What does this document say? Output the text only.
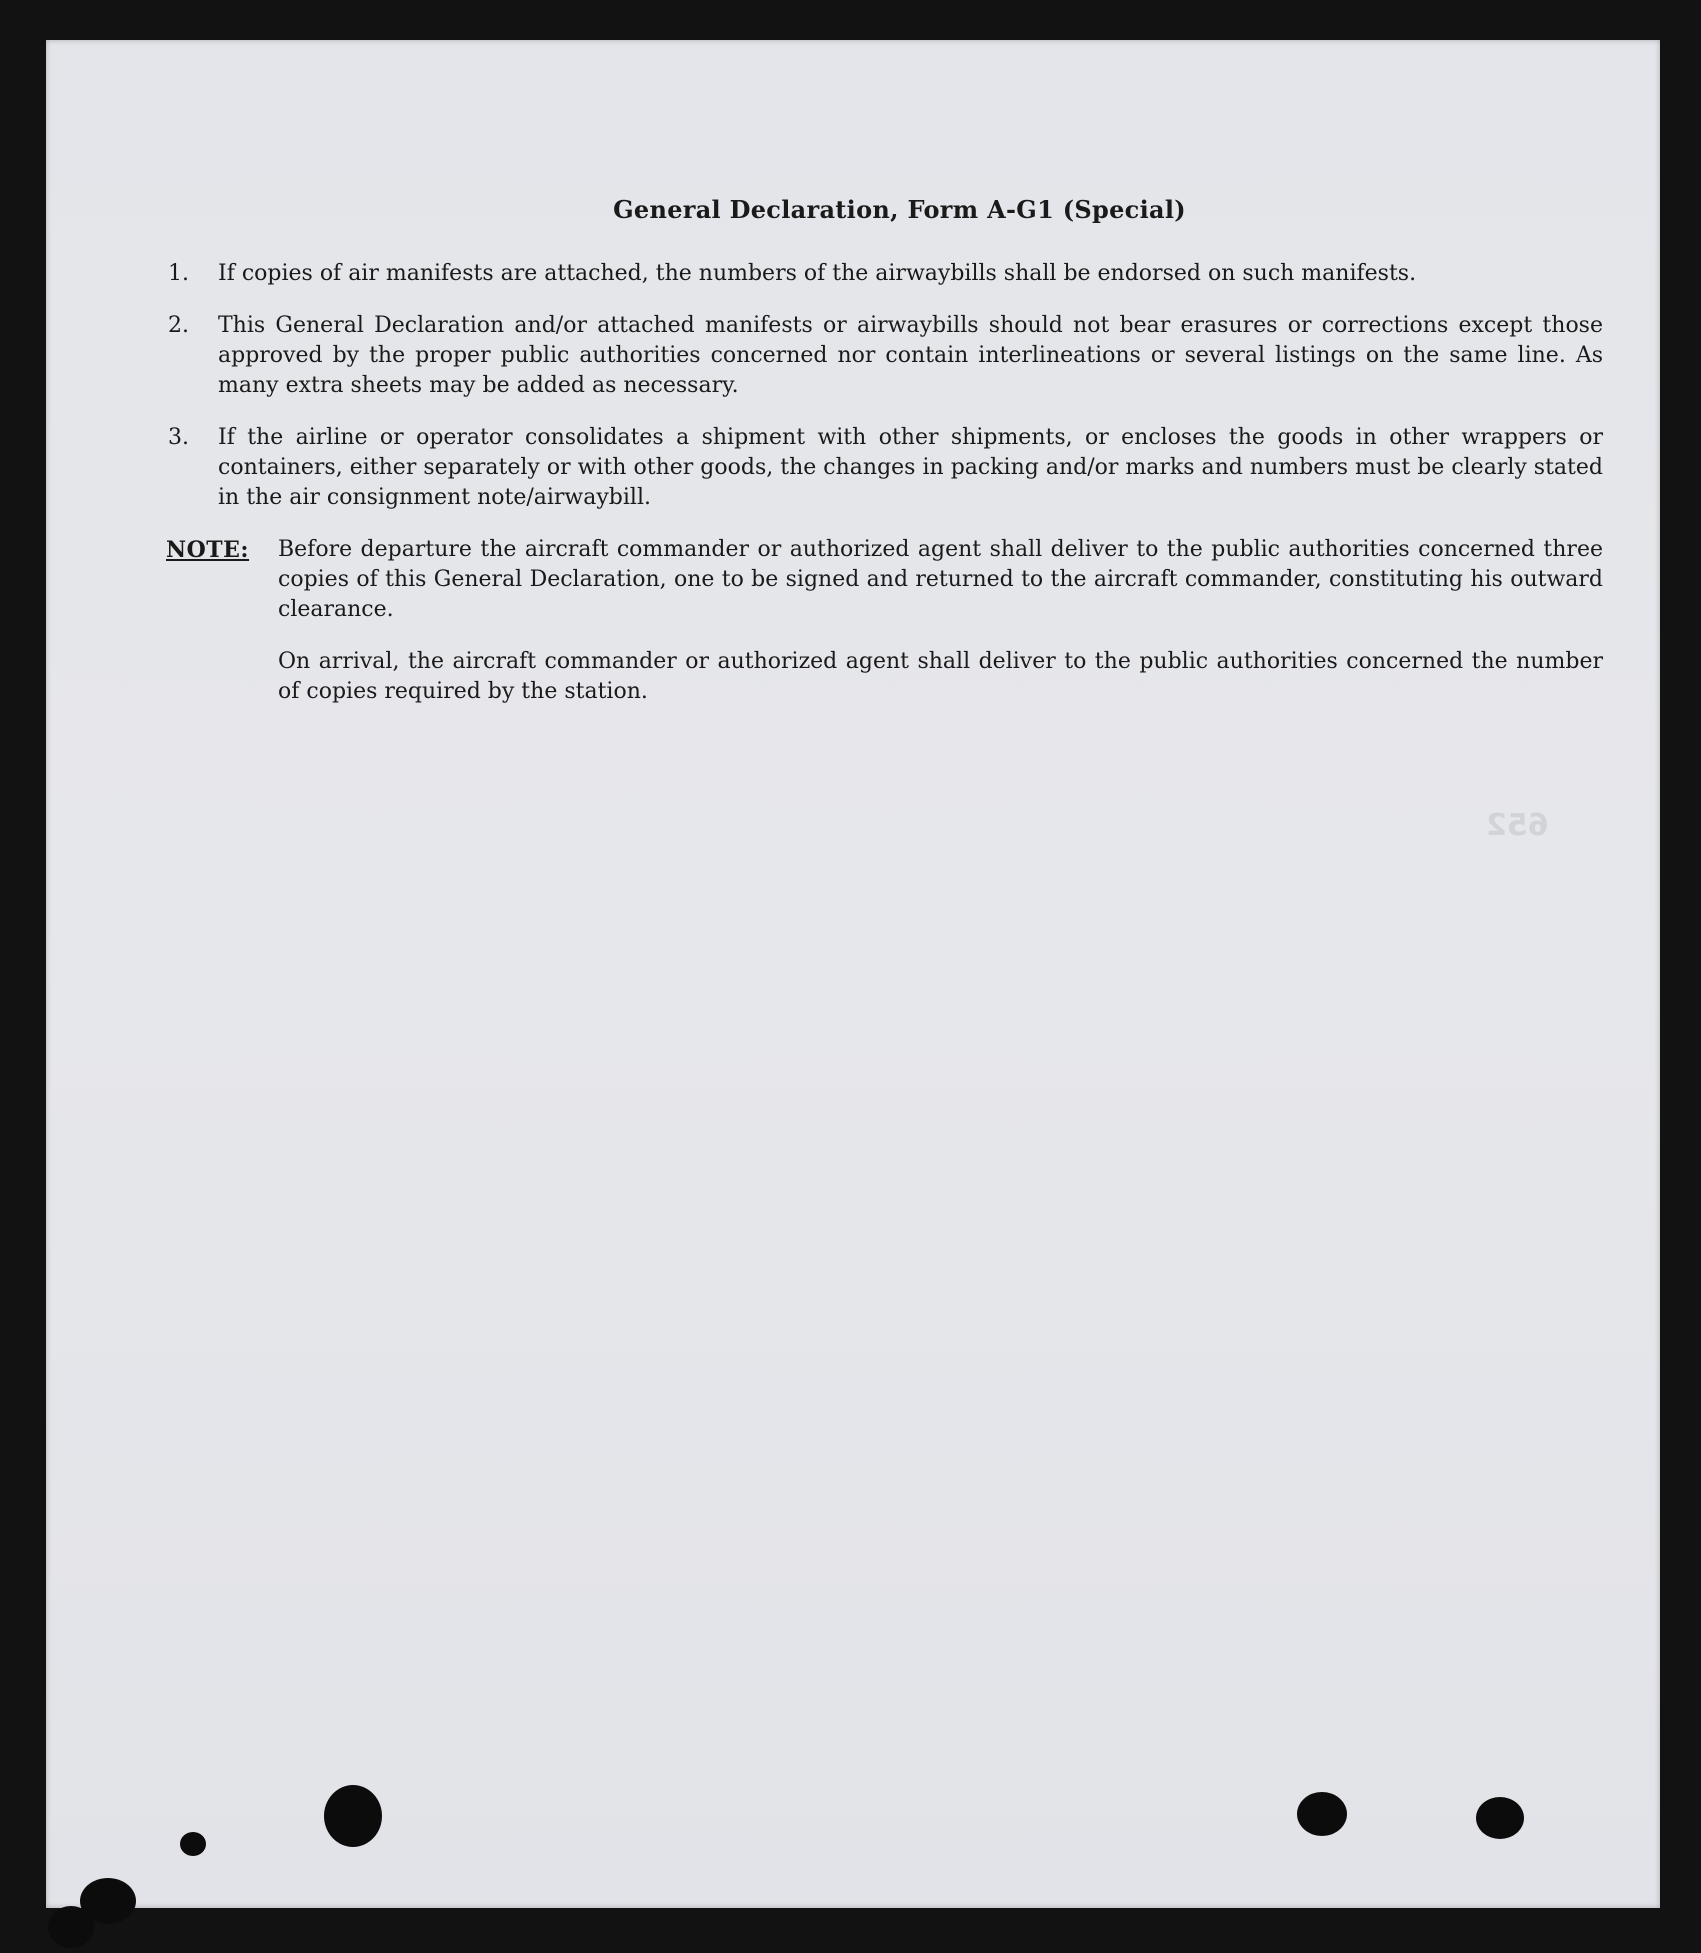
652
General Declaration, Form A-G1 (Special)
1.	If copies of air manifests are attached, the numbers of the airwaybills shall be endorsed on such manifests.
2.	This General Declaration and/or attached manifests or airwaybills should not bear erasures or corrections except those approved by the proper public authorities concerned nor contain interlineations or several listings on the same line. As many extra sheets may be added as necessary.
3.	If the airline or operator consolidates a shipment with other shipments, or encloses the goods in other wrappers or containers, either separately or with other goods, the changes in packing and/or marks and numbers must be clearly stated in the air consignment note/airwaybill.
NOTE:	Before departure the aircraft commander or authorized agent shall deliver to the public authorities concerned three copies of this General Declaration, one to be signed and returned to the aircraft commander, constituting his outward clearance.

On arrival, the aircraft commander or authorized agent shall deliver to the public authorities concerned the number of copies required by the station.
